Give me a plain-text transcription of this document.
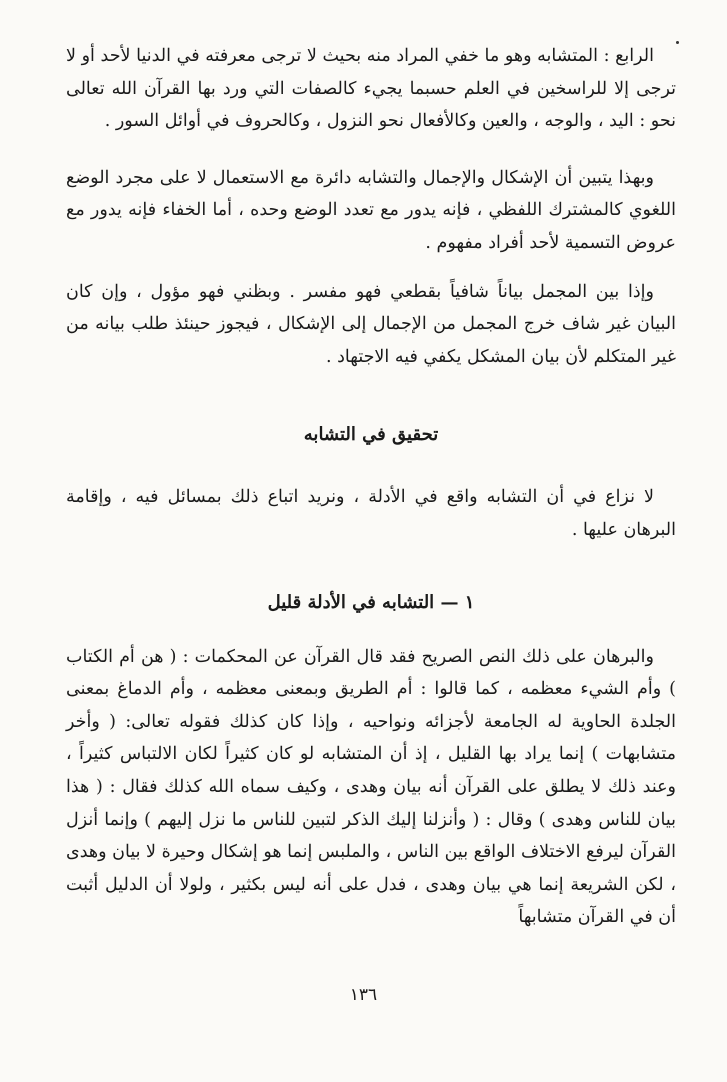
الرابع : المتشابه وهو ما خفي المراد منه بحيث لا ترجى معرفته في الدنيا لأحد أو لا ترجى إلا للراسخين في العلم حسبما يجيء كالصفات التي ورد بها القرآن الله تعالى نحو : اليد ، والوجه ، والعين وكالأفعال نحو النزول ، وكالحروف في أوائل السور .

وبهذا يتبين أن الإشكال والإجمال والتشابه دائرة مع الاستعمال لا على مجرد الوضع اللغوي كالمشترك اللفظي ، فإنه يدور مع تعدد الوضع وحده ، أما الخفاء فإنه يدور مع عروض التسمية لأحد أفراد مفهوم .

وإذا بين المجمل بياناً شافياً بقطعي فهو مفسر . وبظني فهو مؤول ، وإن كان البيان غير شاف خرج المجمل من الإجمال إلى الإشكال ، فيجوز حينئذ طلب بيانه من غير المتكلم لأن بيان المشكل يكفي فيه الاجتهاد .

تحقيق في التشابه

لا نزاع في أن التشابه واقع في الأدلة ، ونريد اتباع ذلك بمسائل فيه ، وإقامة البرهان عليها .

١ — التشابه في الأدلة قليل

والبرهان على ذلك النص الصريح فقد قال القرآن عن المحكمات : ( هن أم الكتاب ) وأم الشيء معظمه ، كما قالوا : أم الطريق وبمعنى معظمه ، وأم الدماغ بمعنى الجلدة الحاوية له الجامعة لأجزائه ونواحيه ، وإذا كان كذلك فقوله تعالى: ( وأخر متشابهات ) إنما يراد بها القليل ، إذ أن المتشابه لو كان كثيراً لكان الالتباس كثيراً ، وعند ذلك لا يطلق على القرآن أنه بيان وهدى ، وكيف سماه الله كذلك فقال : ( هذا بيان للناس وهدى ) وقال : ( وأنزلنا إليك الذكر لتبين للناس ما نزل إليهم ) وإنما أنزل القرآن ليرفع الاختلاف الواقع بين الناس ، والملبس إنما هو إشكال وحيرة لا بيان وهدى ، لكن الشريعة إنما هي بيان وهدى ، فدل على أنه ليس بكثير ، ولولا أن الدليل أثبت أن في القرآن متشابهاً

١٣٦
